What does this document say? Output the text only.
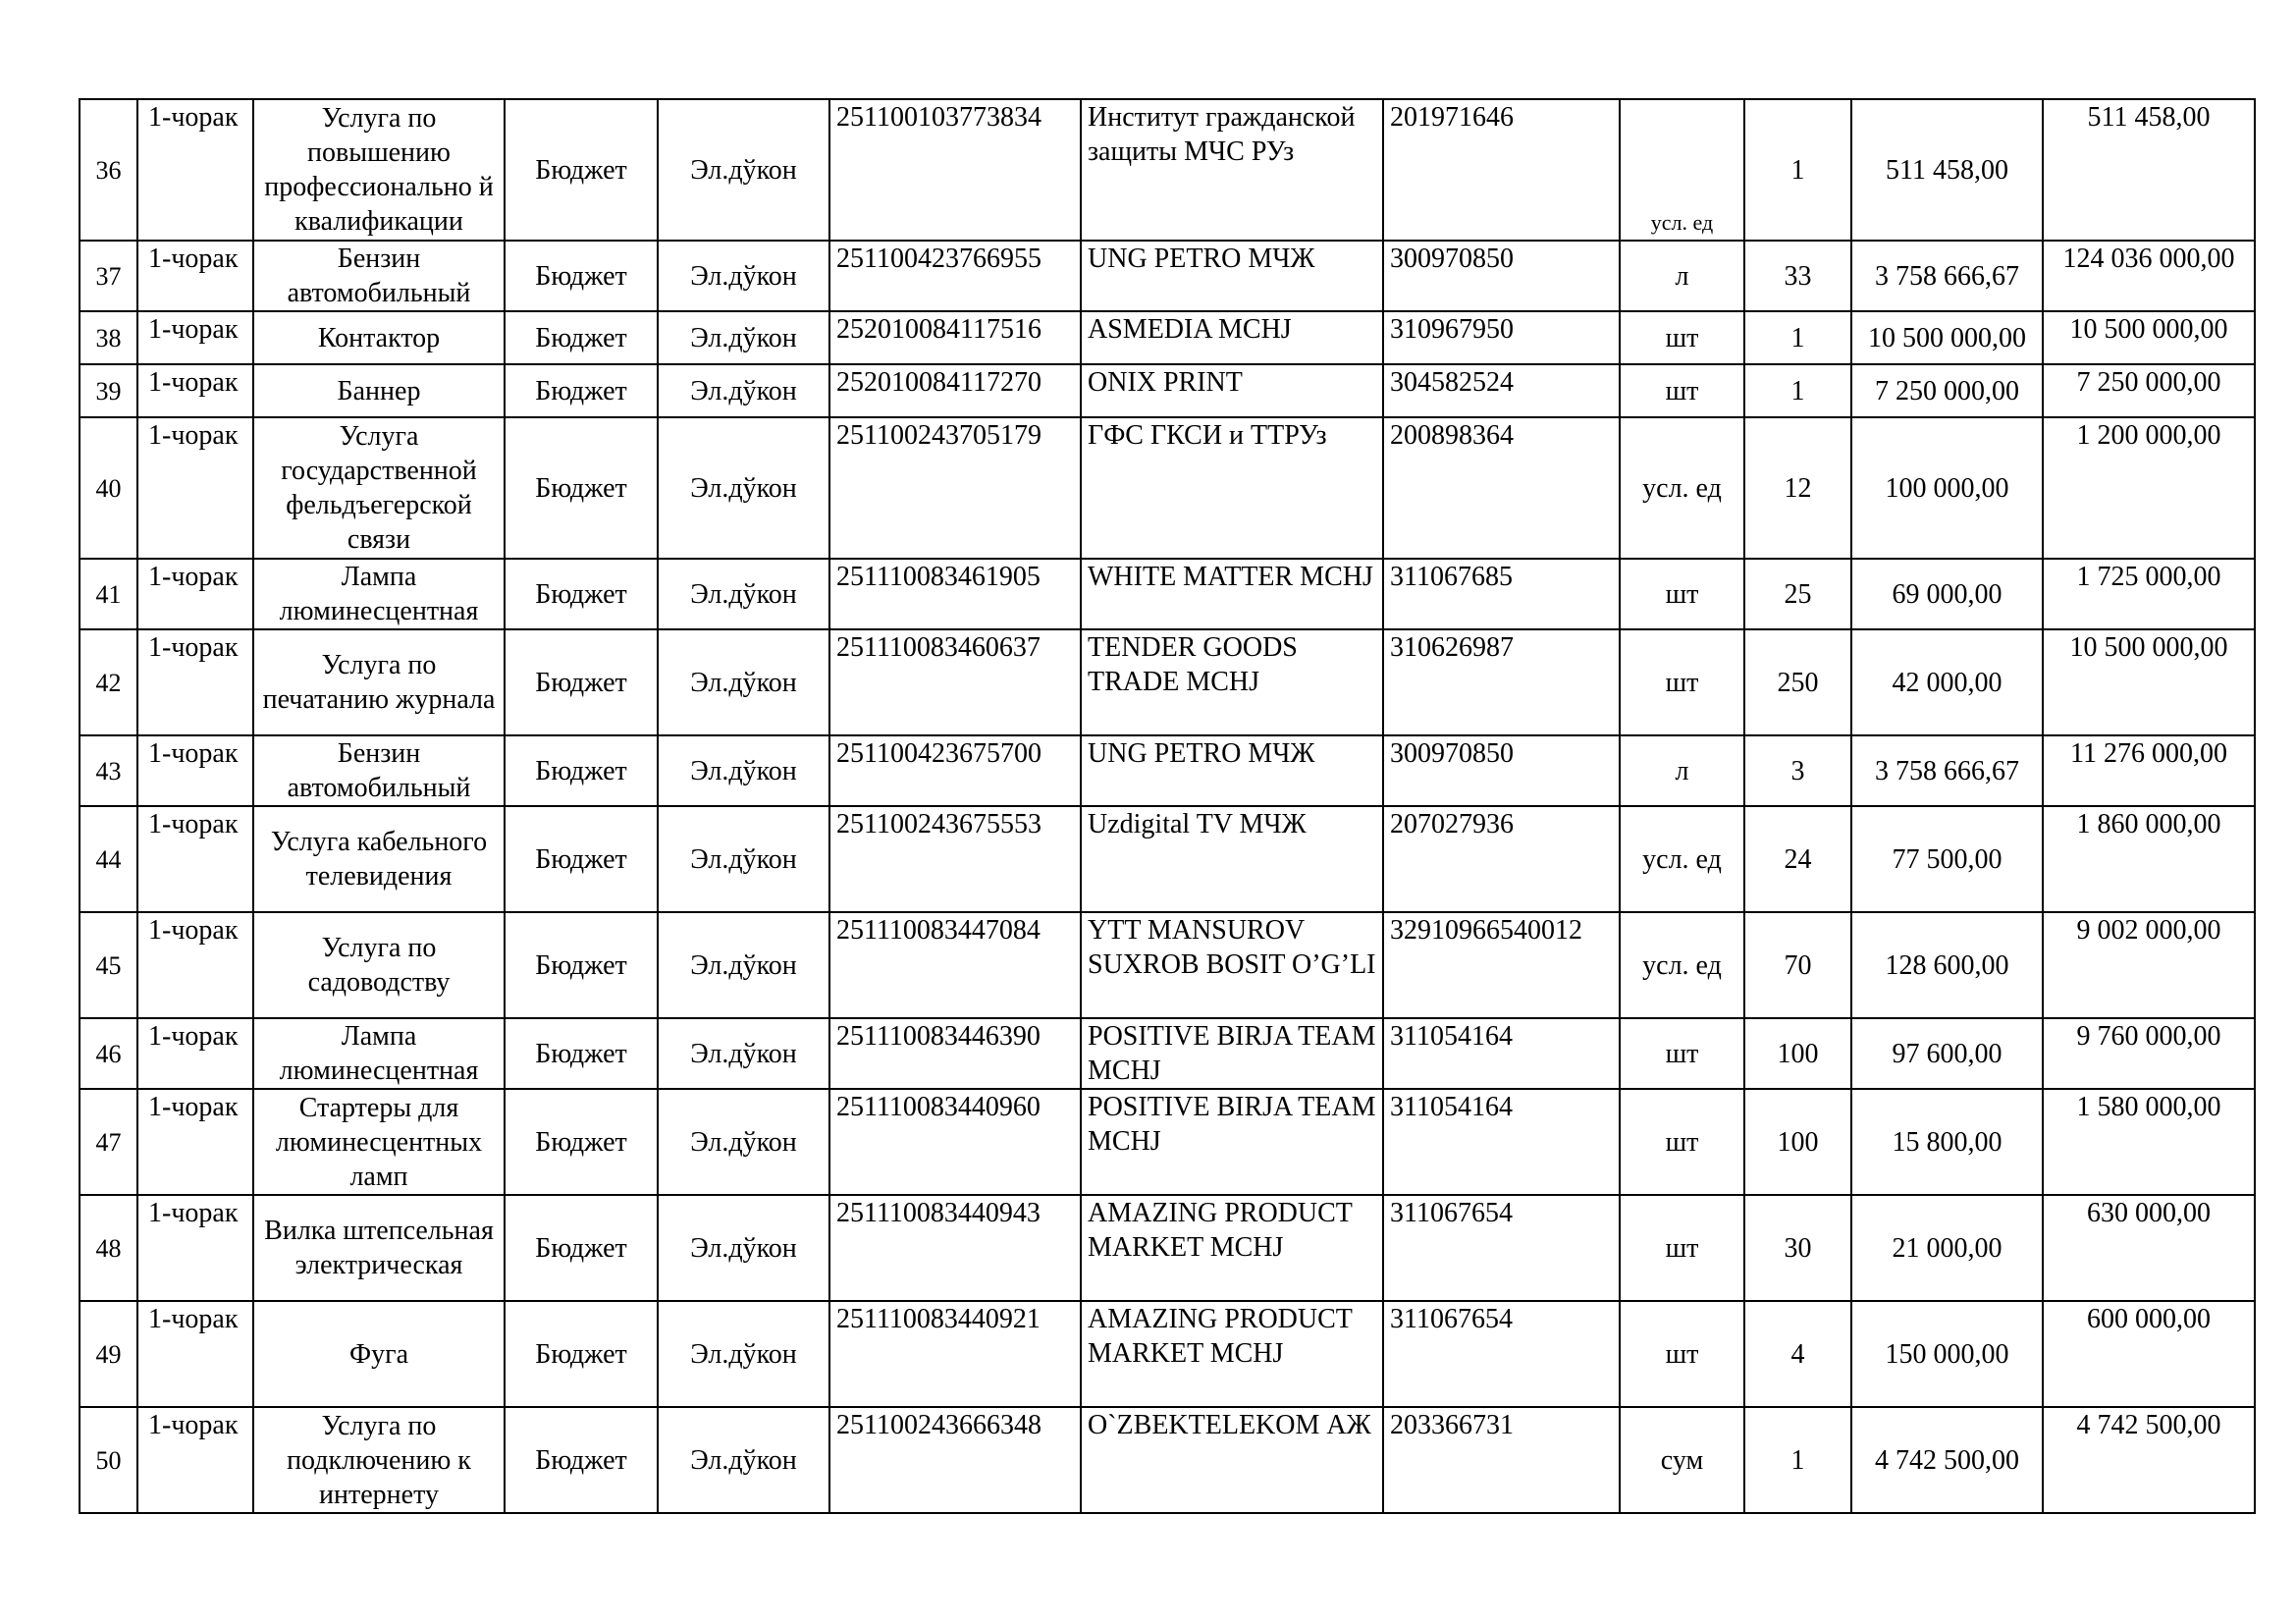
36	1-чорак	Услуга по повышению профессионально й квалификации	Бюджет	Эл.дўкон	251100103773834	Институт гражданской защиты МЧС РУз	201971646	усл. ед	1	511 458,00	511 458,00
37	1-чорак	Бензин автомобильный	Бюджет	Эл.дўкон	251100423766955	UNG PETRO МЧЖ	300970850	л	33	3 758 666,67	124 036 000,00
38	1-чорак	Контактор	Бюджет	Эл.дўкон	252010084117516	ASMEDIA MCHJ	310967950	шт	1	10 500 000,00	10 500 000,00
39	1-чорак	Баннер	Бюджет	Эл.дўкон	252010084117270	ONIX PRINT	304582524	шт	1	7 250 000,00	7 250 000,00
40	1-чорак	Услуга государственной фельдъегерской связи	Бюджет	Эл.дўкон	251100243705179	ГФС ГКСИ и ТТРУз	200898364	усл. ед	12	100 000,00	1 200 000,00
41	1-чорак	Лампа люминесцентная	Бюджет	Эл.дўкон	251110083461905	WHITE MATTER MCHJ	311067685	шт	25	69 000,00	1 725 000,00
42	1-чорак	Услуга по печатанию журнала	Бюджет	Эл.дўкон	251110083460637	TENDER GOODS TRADE MCHJ	310626987	шт	250	42 000,00	10 500 000,00
43	1-чорак	Бензин автомобильный	Бюджет	Эл.дўкон	251100423675700	UNG PETRO МЧЖ	300970850	л	3	3 758 666,67	11 276 000,00
44	1-чорак	Услуга кабельного телевидения	Бюджет	Эл.дўкон	251100243675553	Uzdigital TV МЧЖ	207027936	усл. ед	24	77 500,00	1 860 000,00
45	1-чорак	Услуга по садоводству	Бюджет	Эл.дўкон	251110083447084	YTT MANSUROV SUXROB BOSIT O’G’LI	32910966540012	усл. ед	70	128 600,00	9 002 000,00
46	1-чорак	Лампа люминесцентная	Бюджет	Эл.дўкон	251110083446390	POSITIVE BIRJA TEAM MCHJ	311054164	шт	100	97 600,00	9 760 000,00
47	1-чорак	Стартеры для люминесцентных ламп	Бюджет	Эл.дўкон	251110083440960	POSITIVE BIRJA TEAM MCHJ	311054164	шт	100	15 800,00	1 580 000,00
48	1-чорак	Вилка штепсельная электрическая	Бюджет	Эл.дўкон	251110083440943	AMAZING PRODUCT MARKET MCHJ	311067654	шт	30	21 000,00	630 000,00
49	1-чорак	Фуга	Бюджет	Эл.дўкон	251110083440921	AMAZING PRODUCT MARKET MCHJ	311067654	шт	4	150 000,00	600 000,00
50	1-чорак	Услуга по подключению к интернету	Бюджет	Эл.дўкон	251100243666348	O`ZBEKTELEKOM АЖ	203366731	сум	1	4 742 500,00	4 742 500,00
